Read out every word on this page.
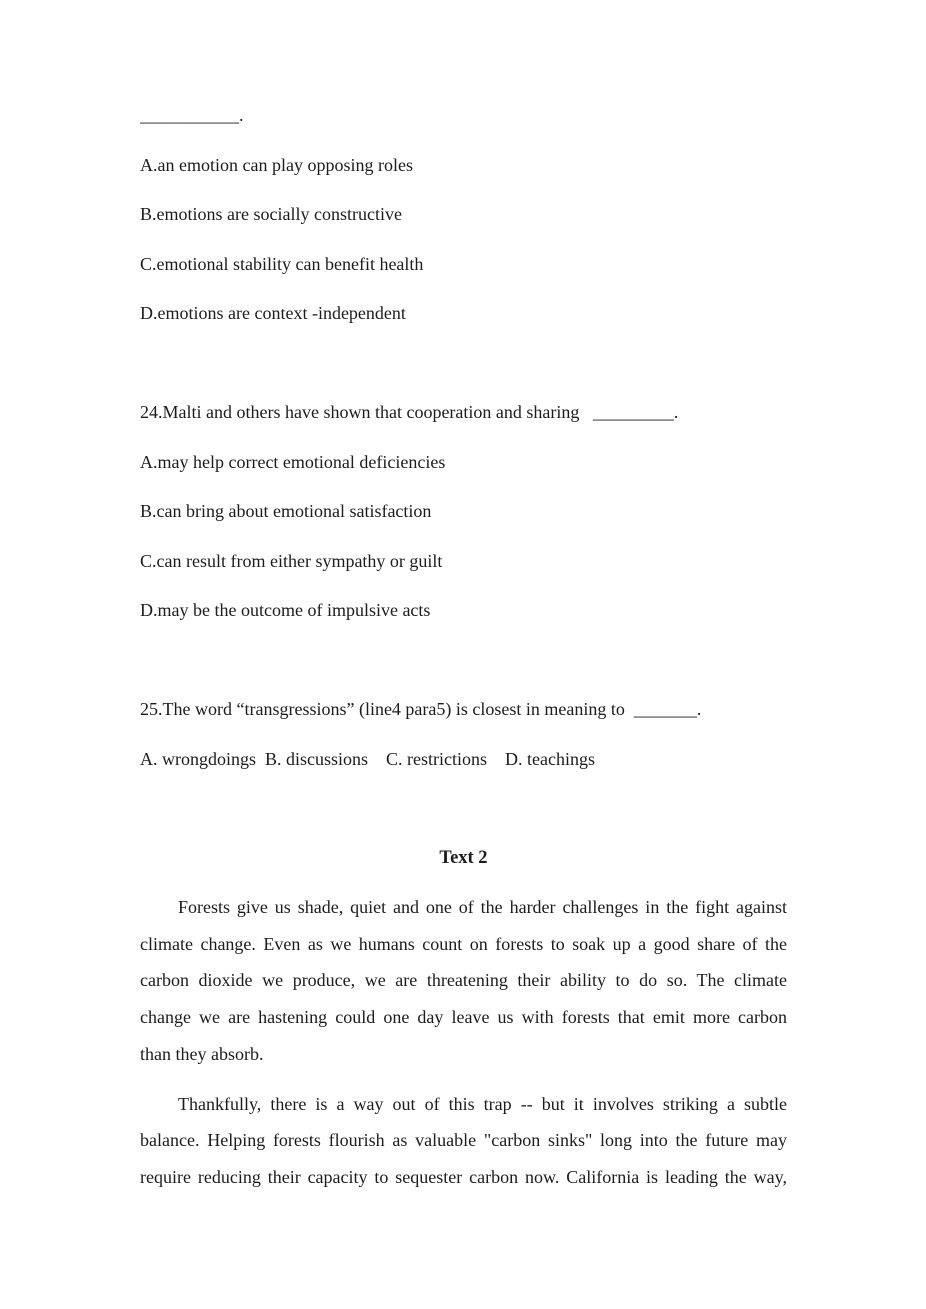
___________.
A.an emotion can play opposing roles
B.emotions are socially constructive
C.emotional stability can benefit health
D.emotions are context -independent
24.Malti and others have shown that cooperation and sharing   _________.
A.may help correct emotional deficiencies
B.can bring about emotional satisfaction
C.can result from either sympathy or guilt
D.may be the outcome of impulsive acts
25.The word “transgressions” (line4 para5) is closest in meaning to  _______.
A. wrongdoings  B. discussions    C. restrictions    D. teachings
Text 2
Forests give us shade, quiet and one of the harder challenges in the fight against
climate change. Even as we humans count on forests to soak up a good share of the
carbon dioxide we produce, we are threatening their ability to do so. The climate
change we are hastening could one day leave us with forests that emit more carbon
than they absorb.
Thankfully, there is a way out of this trap -- but it involves striking a subtle
balance. Helping forests flourish as valuable "carbon sinks" long into the future may
require reducing their capacity to sequester carbon now. California is leading the way,
